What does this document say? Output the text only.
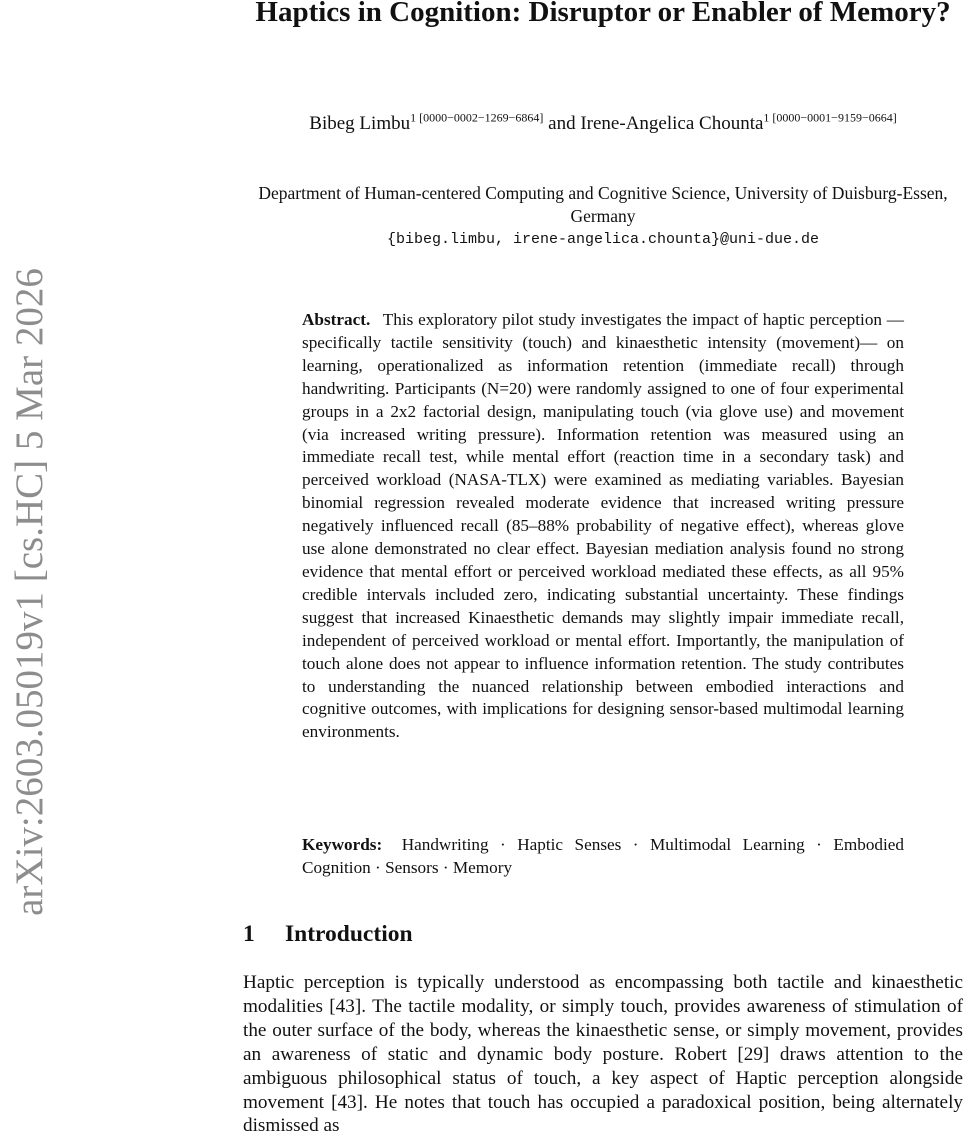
arXiv:2603.05019v1 [cs.HC] 5 Mar 2026
Haptics in Cognition: Disruptor or Enabler of Memory?
Bibeg Limbu$^{1 [0000-0002-1269-6864]}$ and Irene-Angelica Chounta$^{1 [0000-0001-9159-0664]}$
Department of Human-centered Computing and Cognitive Science, University of Duisburg-Essen, Germany
{bibeg.limbu, irene-angelica.chounta}@uni-due.de

Abstract. This exploratory pilot study investigates the impact of haptic perception — specifically tactile sensitivity (touch) and kinaesthetic intensity (movement)— on learning, operationalized as information retention (immediate recall) through handwriting. Participants (N=20) were randomly assigned to one of four experimental groups in a 2x2 factorial design, manipulating touch (via glove use) and movement (via increased writing pressure). Information retention was measured using an immediate recall test, while mental effort (reaction time in a secondary task) and perceived workload (NASA-TLX) were examined as mediating variables. Bayesian binomial regression revealed moderate evidence that increased writing pressure negatively influenced recall (85–88% probability of negative effect), whereas glove use alone demonstrated no clear effect. Bayesian mediation analysis found no strong evidence that mental effort or perceived workload mediated these effects, as all 95% credible intervals included zero, indicating substantial uncertainty. These findings suggest that increased Kinaesthetic demands may slightly impair immediate recall, independent of perceived workload or mental effort. Importantly, the manipulation of touch alone does not appear to influence information retention. The study contributes to understanding the nuanced relationship between embodied interactions and cognitive outcomes, with implications for designing sensor-based multimodal learning environments.

Keywords: Handwriting · Haptic Senses · Multimodal Learning · Embodied Cognition · Sensors · Memory

1 Introduction

Haptic perception is typically understood as encompassing both tactile and kinaesthetic modalities [43]. The tactile modality, or simply touch, provides awareness of stimulation of the outer surface of the body, whereas the kinaesthetic sense, or simply movement, provides an awareness of static and dynamic body posture. Robert [29] draws attention to the ambiguous philosophical status of touch, a key aspect of Haptic perception alongside movement [43]. He notes that touch has occupied a paradoxical position, being alternately dismissed as
